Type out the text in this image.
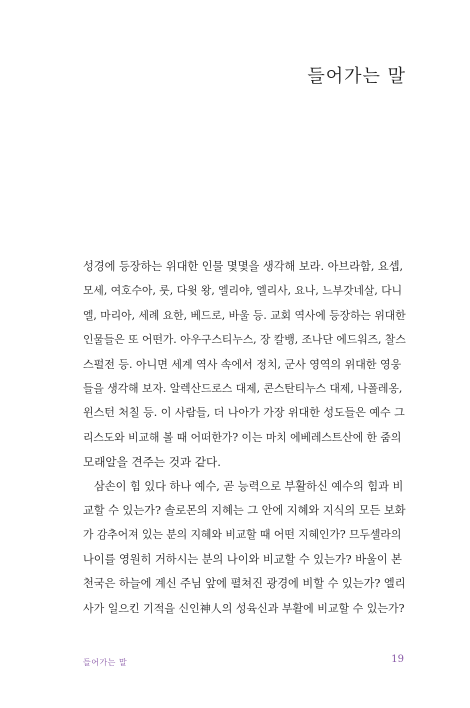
들어가는 말

성경에 등장하는 위대한 인물 몇몇을 생각해 보라. 아브라함, 요셉,
모세, 여호수아, 룻, 다윗 왕, 엘리야, 엘리사, 요나, 느부갓네살, 다니
엘, 마리아, 세례 요한, 베드로, 바울 등. 교회 역사에 등장하는 위대한
인물들은 또 어떤가. 아우구스티누스, 장 칼뱅, 조나단 에드워즈, 찰스
스펄전 등. 아니면 세계 역사 속에서 정치, 군사 영역의 위대한 영웅
들을 생각해 보자. 알렉산드로스 대제, 콘스탄티누스 대제, 나폴레옹,
윈스턴 처칠 등. 이 사람들, 더 나아가 가장 위대한 성도들은 예수 그
리스도와 비교해 볼 때 어떠한가? 이는 마치 에베레스트산에 한 줌의
모래알을 견주는 것과 같다.

삼손이 힘 있다 하나 예수, 곧 능력으로 부활하신 예수의 힘과 비
교할 수 있는가? 솔로몬의 지혜는 그 안에 지혜와 지식의 모든 보화
가 감추어져 있는 분의 지혜와 비교할 때 어떤 지혜인가? 므두셀라의
나이를 영원히 거하시는 분의 나이와 비교할 수 있는가? 바울이 본
천국은 하늘에 계신 주님 앞에 펼쳐진 광경에 비할 수 있는가? 엘리
사가 일으킨 기적을 신인神人의 성육신과 부활에 비교할 수 있는가?

들어가는 말	19
